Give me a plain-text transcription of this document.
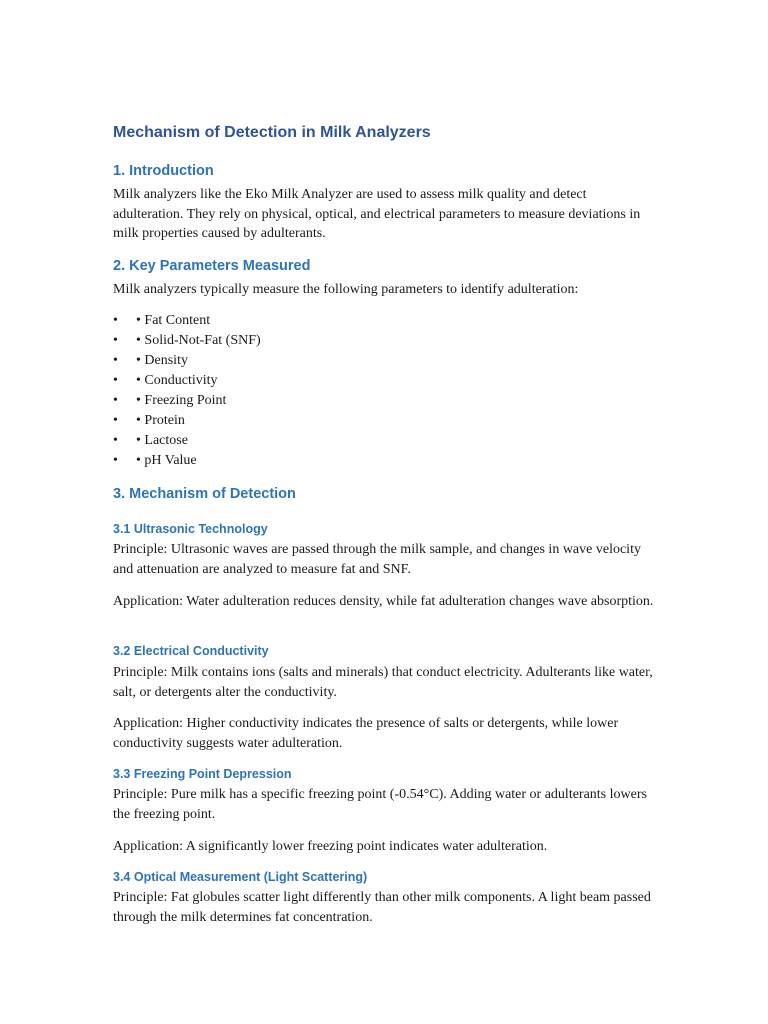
Mechanism of Detection in Milk Analyzers
1. Introduction

Milk analyzers like the Eko Milk Analyzer are used to assess milk quality and detect adulteration. They rely on physical, optical, and electrical parameters to measure deviations in milk properties caused by adulterants.

2. Key Parameters Measured

Milk analyzers typically measure the following parameters to identify adulteration:

• • Fat Content
• • Solid-Not-Fat (SNF)
• • Density
• • Conductivity
• • Freezing Point
• • Protein
• • Lactose
• • pH Value
3. Mechanism of Detection
3.1 Ultrasonic Technology

Principle: Ultrasonic waves are passed through the milk sample, and changes in wave velocity and attenuation are analyzed to measure fat and SNF.

Application: Water adulteration reduces density, while fat adulteration changes wave absorption.

3.2 Electrical Conductivity

Principle: Milk contains ions (salts and minerals) that conduct electricity. Adulterants like water, salt, or detergents alter the conductivity.

Application: Higher conductivity indicates the presence of salts or detergents, while lower conductivity suggests water adulteration.

3.3 Freezing Point Depression

Principle: Pure milk has a specific freezing point (-0.54°C). Adding water or adulterants lowers the freezing point.

Application: A significantly lower freezing point indicates water adulteration.

3.4 Optical Measurement (Light Scattering)

Principle: Fat globules scatter light differently than other milk components. A light beam passed through the milk determines fat concentration.
